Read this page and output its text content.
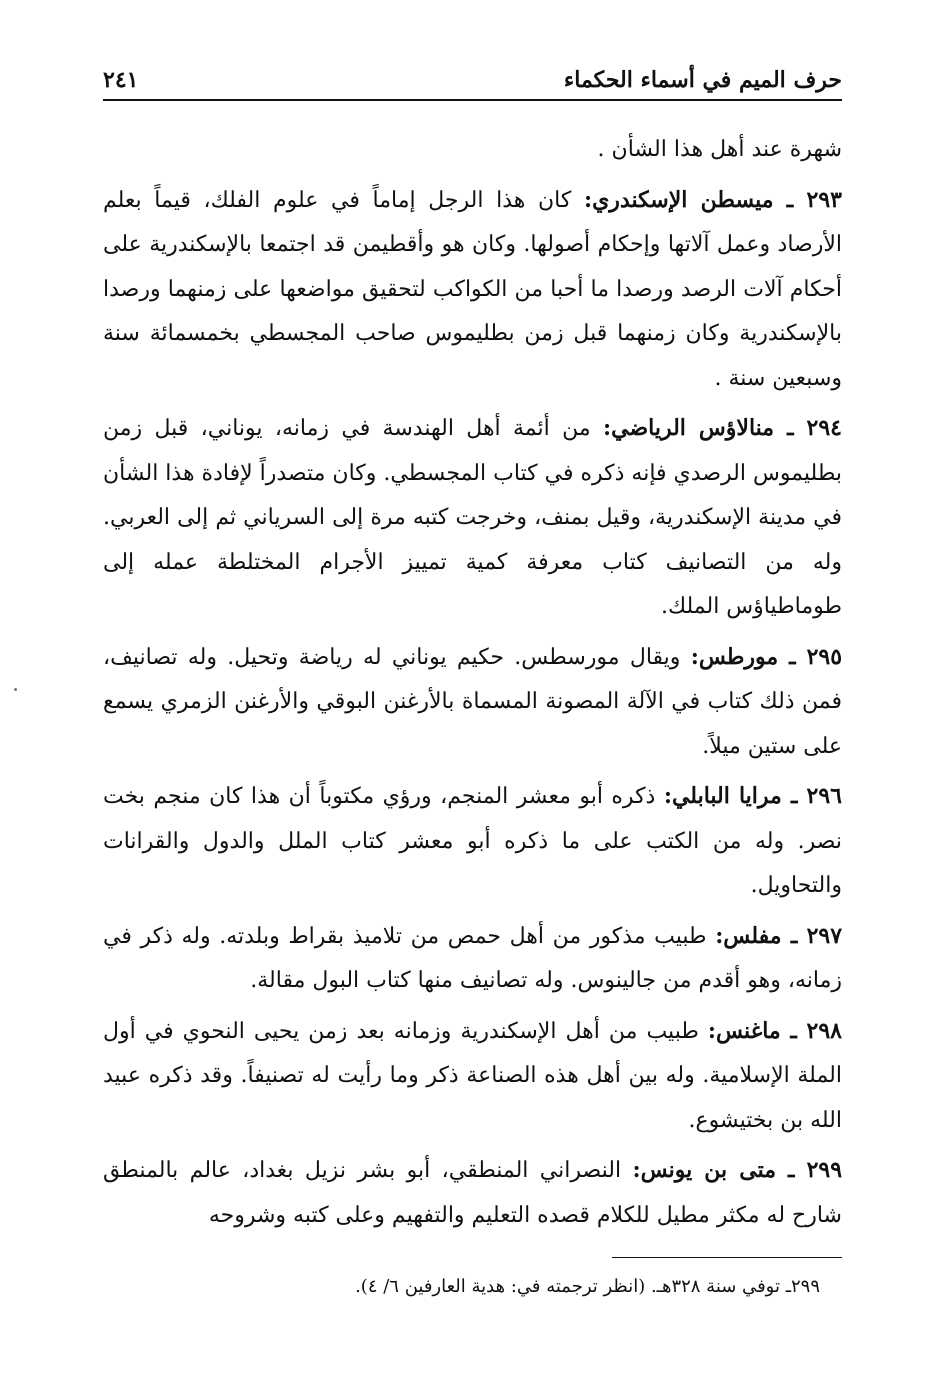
حرف الميم في أسماء الحكماء
٢٤١

شهرة عند أهل هذا الشأن .

٢٩٣ ـ ميسطن الإسكندري: كان هذا الرجل إماماً في علوم الفلك، قيماً بعلم الأرصاد وعمل آلاتها وإحكام أصولها. وكان هو وأقطيمن قد اجتمعا بالإسكندرية على أحكام آلات الرصد ورصدا ما أحبا من الكواكب لتحقيق مواضعها على زمنهما ورصدا بالإسكندرية وكان زمنهما قبل زمن بطليموس صاحب المجسطي بخمسمائة سنة وسبعين سنة .

٢٩٤ ـ منالاؤس الرياضي: من أئمة أهل الهندسة في زمانه، يوناني، قبل زمن بطليموس الرصدي فإنه ذكره في كتاب المجسطي. وكان متصدراً لإفادة هذا الشأن في مدينة الإسكندرية، وقيل بمنف، وخرجت كتبه مرة إلى السرياني ثم إلى العربي. وله من التصانيف كتاب معرفة كمية تمييز الأجرام المختلطة عمله إلى طوماطياؤس الملك.

٢٩٥ ـ مورطس: ويقال مورسطس. حكيم يوناني له رياضة وتحيل. وله تصانيف، فمن ذلك كتاب في الآلة المصونة المسماة بالأرغنن البوقي والأرغنن الزمري يسمع على ستين ميلاً.

٢٩٦ ـ مرايا البابلي: ذكره أبو معشر المنجم، ورؤي مكتوباً أن هذا كان منجم بخت نصر. وله من الكتب على ما ذكره أبو معشر كتاب الملل والدول والقرانات والتحاويل.

٢٩٧ ـ مفلس: طبيب مذكور من أهل حمص من تلاميذ بقراط وبلدته. وله ذكر في زمانه، وهو أقدم من جالينوس. وله تصانيف منها كتاب البول مقالة.

٢٩٨ ـ ماغنس: طبيب من أهل الإسكندرية وزمانه بعد زمن يحيى النحوي في أول الملة الإسلامية. وله بين أهل هذه الصناعة ذكر وما رأيت له تصنيفاً. وقد ذكره عبيد الله بن بختيشوع.

٢٩٩ ـ متى بن يونس: النصراني المنطقي، أبو بشر نزيل بغداد، عالم بالمنطق شارح له مكثر مطيل للكلام قصده التعليم والتفهيم وعلى كتبه وشروحه

٢٩٩ـ توفي سنة ٣٢٨هـ. (انظر ترجمته في: هدية العارفين ٦/ ٤).
